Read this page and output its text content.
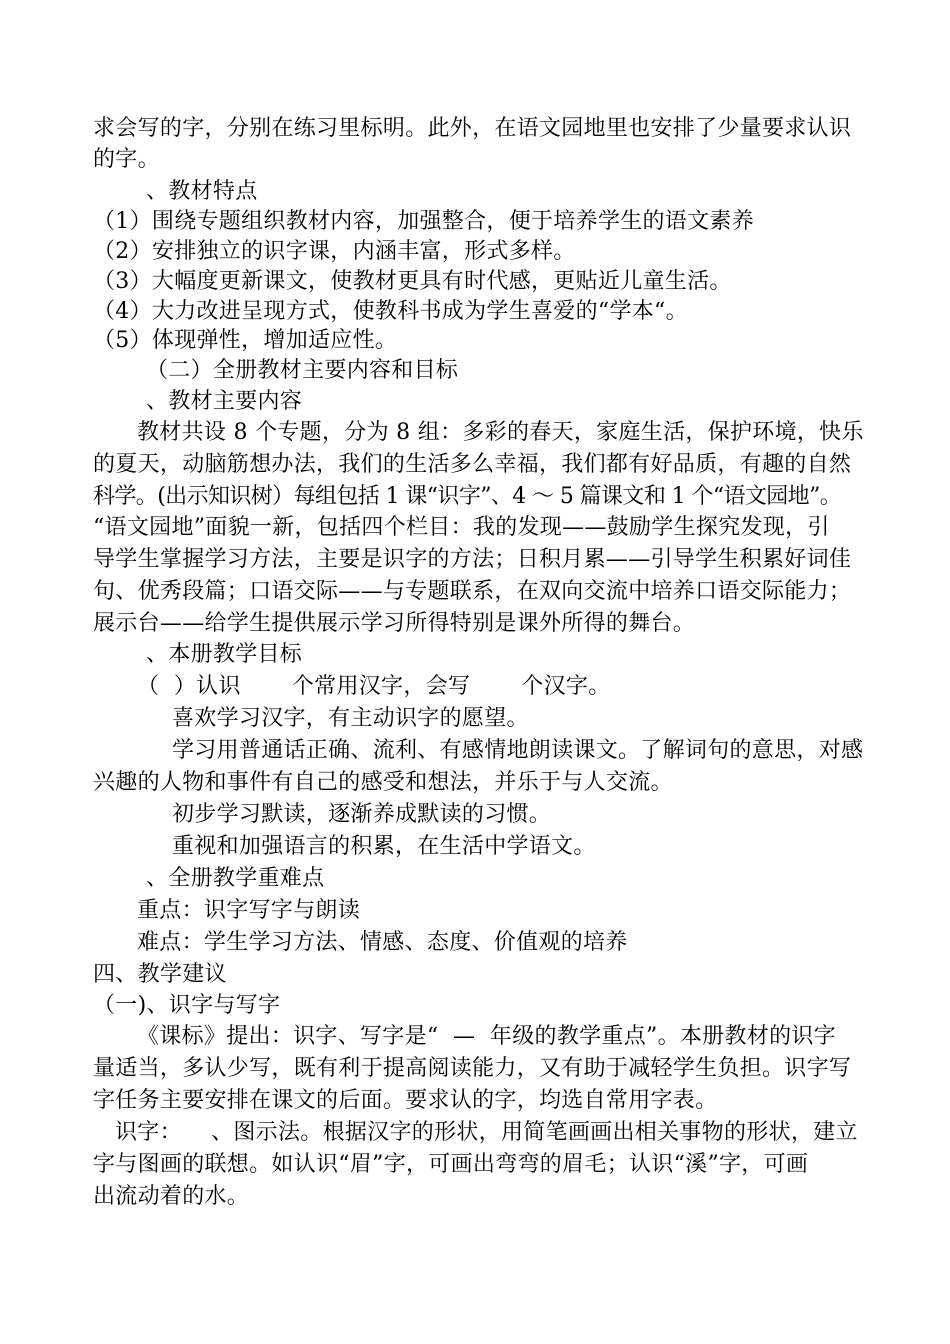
求会写的字，分别在练习里标明。此外，在语文园地里也安排了少量要求认识
的字。
、教材特点
（1）围绕专题组织教材内容，加强整合，便于培养学生的语文素养
（2）安排独立的识字课，内涵丰富，形式多样。
（3）大幅度更新课文，使教材更具有时代感，更贴近儿童生活。
（4）大力改进呈现方式，使教科书成为学生喜爱的“学本“。
（5）体现弹性，增加适应性。
（二）全册教材主要内容和目标
、教材主要内容
教材共设 8 个专题，分为 8 组：多彩的春天，家庭生活，保护环境，快乐
的夏天，动脑筋想办法，我们的生活多么幸福，我们都有好品质，有趣的自然
科学。(出示知识树）每组包括 1 课“识字”、4 ～ 5 篇课文和 1 个“语文园地”。
“语文园地”面貌一新，包括四个栏目：我的发现——鼓励学生探究发现，引
导学生掌握学习方法，主要是识字的方法；日积月累——引导学生积累好词佳
句、优秀段篇；口语交际——与专题联系，在双向交流中培养口语交际能力；
展示台——给学生提供展示学习所得特别是课外所得的舞台。
、本册教学目标
（  ）认识       个常用汉字，会写       个汉字。
喜欢学习汉字，有主动识字的愿望。
学习用普通话正确、流利、有感情地朗读课文。了解词句的意思，对感
兴趣的人物和事件有自己的感受和想法，并乐于与人交流。
初步学习默读，逐渐养成默读的习惯。
重视和加强语言的积累，在生活中学语文。
、全册教学重难点
重点：识字写字与朗读
难点：学生学习方法、情感、态度、价值观的培养
四、教学建议
（一)、识字与写字
《课标》提出：识字、写字是“  —  年级的教学重点”。本册教材的识字
量适当，多认少写，既有利于提高阅读能力，又有助于减轻学生负担。识字写
字任务主要安排在课文的后面。要求认的字，均选自常用字表。
识字：    、图示法。根据汉字的形状，用简笔画画出相关事物的形状，建立
字与图画的联想。如认识“眉”字，可画出弯弯的眉毛；认识“溪”字，可画
出流动着的水。
